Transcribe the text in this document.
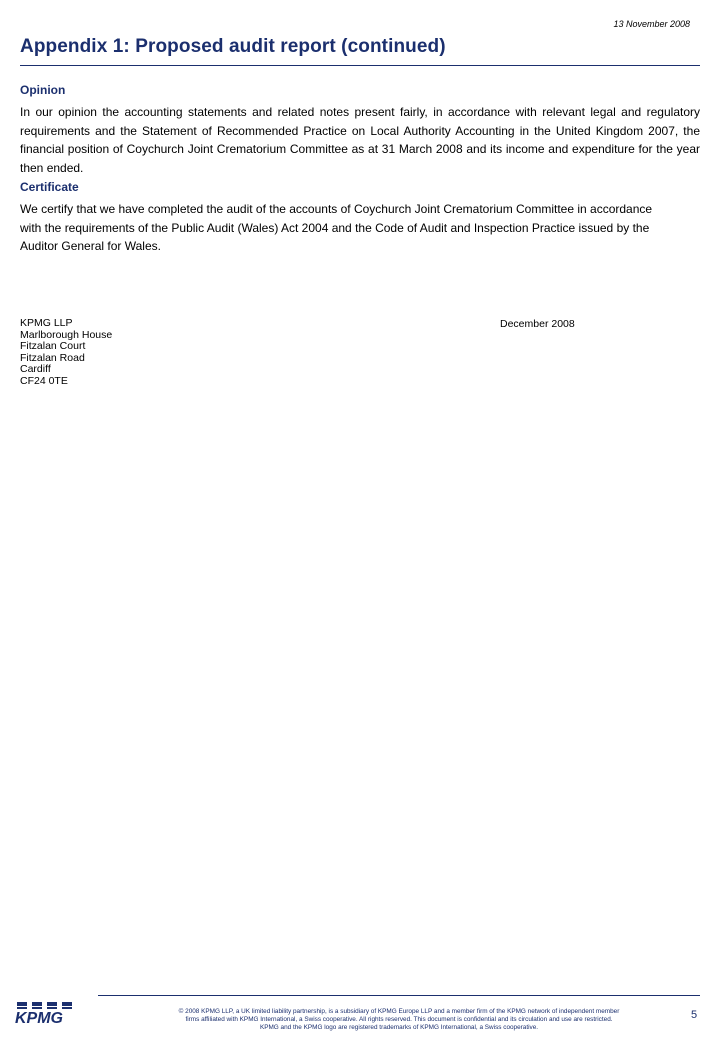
13 November 2008
Appendix 1: Proposed audit report (continued)
Opinion

In our opinion the accounting statements and related notes present fairly, in accordance with relevant legal and regulatory requirements and the Statement of Recommended Practice on Local Authority Accounting in the United Kingdom 2007, the financial position of Coychurch Joint Crematorium Committee as at 31 March 2008 and its income and expenditure for the year then ended.

Certificate

We certify that we have completed the audit of the accounts of Coychurch Joint Crematorium Committee in accordance with the requirements of the Public Audit (Wales) Act 2004 and the Code of Audit and Inspection Practice issued by the Auditor General for Wales.

KPMG LLP
Marlborough House
Fitzalan Court
Fitzalan Road
Cardiff
CF24 0TE
December 2008
KPMG	© 2008 KPMG LLP, a UK limited liability partnership, is a subsidiary of KPMG Europe LLP and a member firm of the KPMG network of independent member
firms affiliated with KPMG International, a Swiss cooperative. All rights reserved. This document is confidential and its circulation and use are restricted.
KPMG and the KPMG logo are registered trademarks of KPMG International, a Swiss cooperative.
5
